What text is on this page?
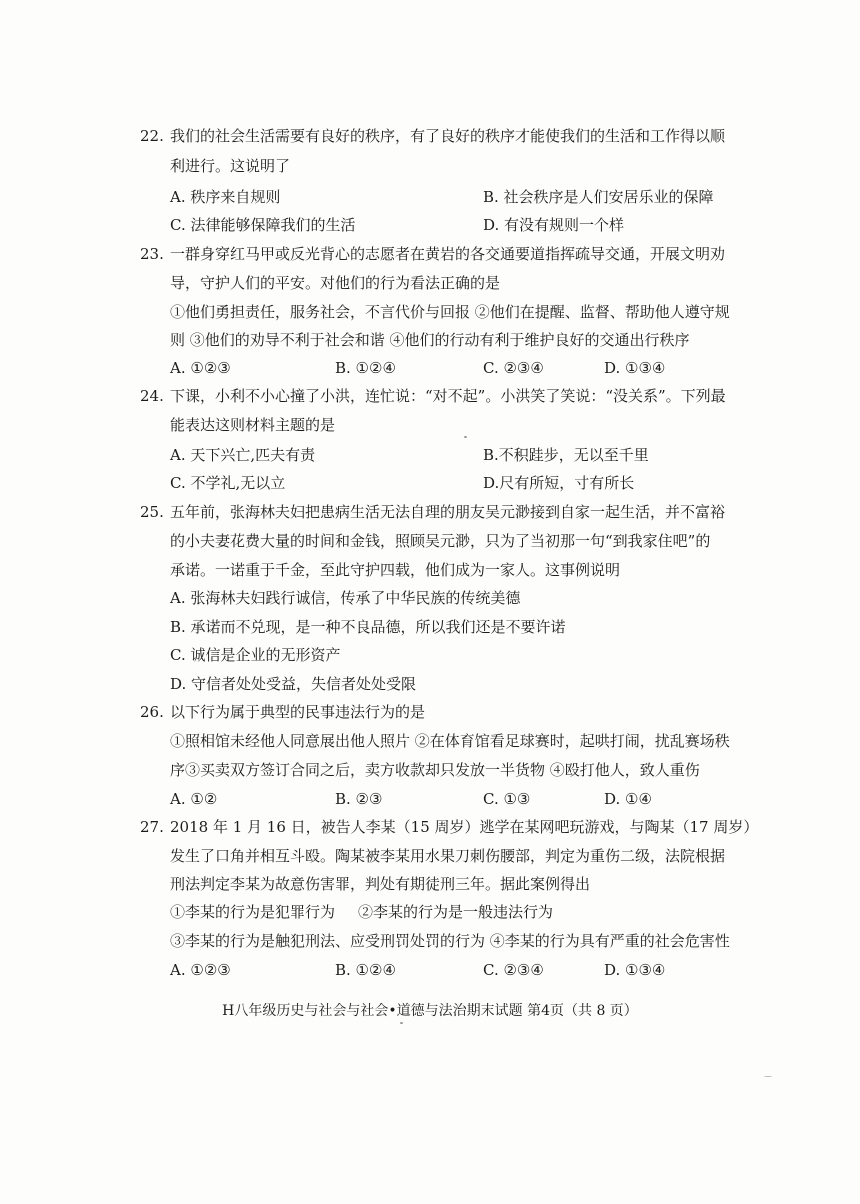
22. 我们的社会生活需要有良好的秩序，有了良好的秩序才能使我们的生活和工作得以顺
利进行。这说明了
A. 秩序来自规则	B. 社会秩序是人们安居乐业的保障
C. 法律能够保障我们的生活	D. 有没有规则一个样
23. 一群身穿红马甲或反光背心的志愿者在黄岩的各交通要道指挥疏导交通，开展文明劝
导，守护人们的平安。对他们的行为看法正确的是
①他们勇担责任，服务社会，不言代价与回报 ②他们在提醒、监督、帮助他人遵守规
则 ③他们的劝导不利于社会和谐 ④他们的行动有利于维护良好的交通出行秩序
A. ①②③	B. ①②④	C. ②③④	D. ①③④
24. 下课，小利不小心撞了小洪，连忙说：“对不起”。小洪笑了笑说：“没关系”。下列最
能表达这则材料主题的是
A. 天下兴亡,匹夫有责	B.不积跬步，无以至千里
C. 不学礼,无以立	D.尺有所短，寸有所长
25. 五年前，张海林夫妇把患病生活无法自理的朋友吴元渺接到自家一起生活，并不富裕
的小夫妻花费大量的时间和金钱，照顾吴元渺，只为了当初那一句“到我家住吧”的
承诺。一诺重于千金，至此守护四载，他们成为一家人。这事例说明
A. 张海林夫妇践行诚信，传承了中华民族的传统美德
B. 承诺而不兑现，是一种不良品德，所以我们还是不要许诺
C. 诚信是企业的无形资产
D. 守信者处处受益，失信者处处受限
26. 以下行为属于典型的民事违法行为的是
①照相馆未经他人同意展出他人照片 ②在体育馆看足球赛时，起哄打闹，扰乱赛场秩
序③买卖双方签订合同之后，卖方收款却只发放一半货物 ④殴打他人，致人重伤
A. ①②	B. ②③	C. ①③	D. ①④
27. 2018 年 1 月 16 日，被告人李某（15 周岁）逃学在某网吧玩游戏，与陶某（17 周岁）
发生了口角并相互斗殴。陶某被李某用水果刀刺伤腰部，判定为重伤二级，法院根据
刑法判定李某为故意伤害罪，判处有期徒刑三年。据此案例得出
①李某的行为是犯罪行为 ②李某的行为是一般违法行为
③李某的行为是触犯刑法、应受刑罚处罚的行为 ④李某的行为具有严重的社会危害性
A. ①②③	B. ①②④	C. ②③④	D. ①③④
H八年级历史与社会与社会•道德与法治期末试题 第4页（共 8 页）
